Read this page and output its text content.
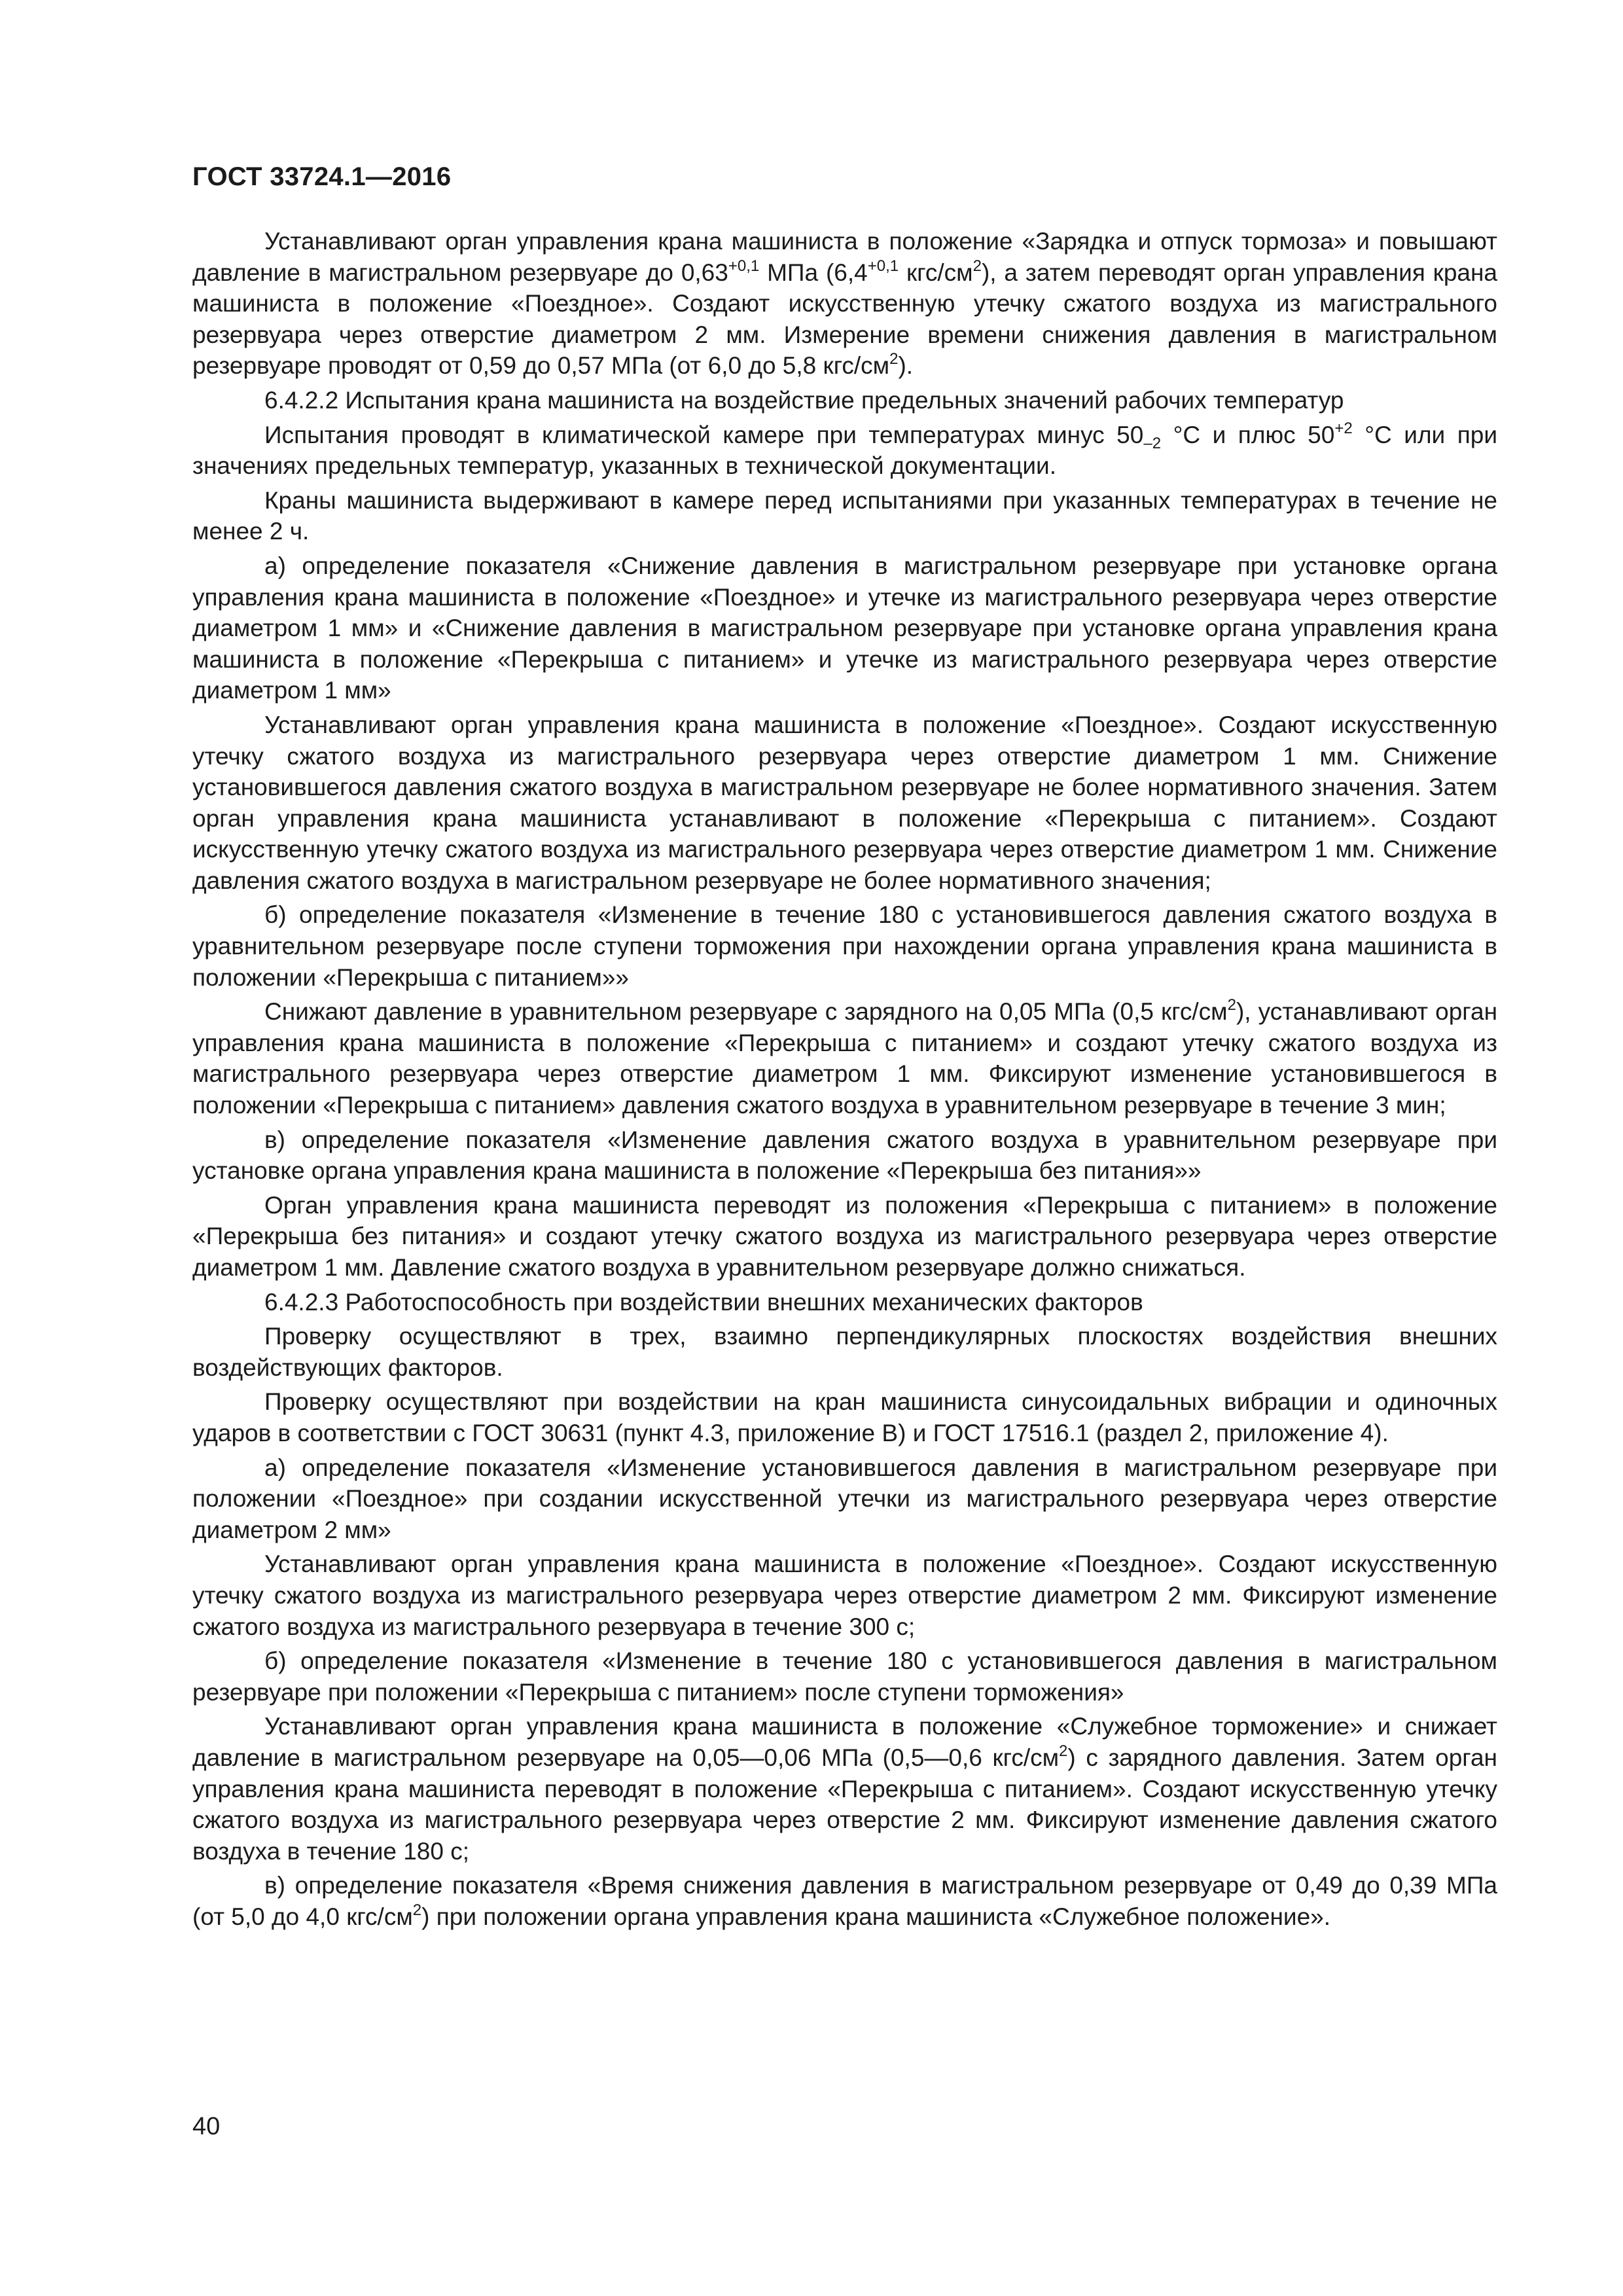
ГОСТ 33724.1—2016

Устанавливают орган управления крана машиниста в положение «Зарядка и отпуск тормоза» и повышают давление в магистральном резервуаре до $0,63^{+0,1}$ МПа ($6,4^{+0,1}$ кгс/$см^2$), а затем переводят орган управления крана машиниста в положение «Поездное». Создают искусственную утечку сжатого воздуха из магистрального резервуара через отверстие диаметром 2 мм. Измерение времени снижения давления в магистральном резервуаре проводят от 0,59 до 0,57 МПа (от 6,0 до 5,8 кгс/$см^2$).

6.4.2.2 Испытания крана машиниста на воздействие предельных значений рабочих температур

Испытания проводят в климатической камере при температурах минус $50_{-2}$ °С и плюс $50^{+2}$ °С или при значениях предельных температур, указанных в технической документации.

Краны машиниста выдерживают в камере перед испытаниями при указанных температурах в течение не менее 2 ч.

а) определение показателя «Снижение давления в магистральном резервуаре при установке органа управления крана машиниста в положение «Поездное» и утечке из магистрального резервуара через отверстие диаметром 1 мм» и «Снижение давления в магистральном резервуаре при установке органа управления крана машиниста в положение «Перекрыша с питанием» и утечке из магистрального резервуара через отверстие диаметром 1 мм»

Устанавливают орган управления крана машиниста в положение «Поездное». Создают искусственную утечку сжатого воздуха из магистрального резервуара через отверстие диаметром 1 мм. Снижение установившегося давления сжатого воздуха в магистральном резервуаре не более нормативного значения. Затем орган управления крана машиниста устанавливают в положение «Перекрыша с питанием». Создают искусственную утечку сжатого воздуха из магистрального резервуара через отверстие диаметром 1 мм. Снижение давления сжатого воздуха в магистральном резервуаре не более нормативного значения;

б) определение показателя «Изменение в течение 180 с установившегося давления сжатого воздуха в уравнительном резервуаре после ступени торможения при нахождении органа управления крана машиниста в положении «Перекрыша с питанием»»

Снижают давление в уравнительном резервуаре с зарядного на 0,05 МПа (0,5 кгс/$см^2$), устанавливают орган управления крана машиниста в положение «Перекрыша с питанием» и создают утечку сжатого воздуха из магистрального резервуара через отверстие диаметром 1 мм. Фиксируют изменение установившегося в положении «Перекрыша с питанием» давления сжатого воздуха в уравнительном резервуаре в течение 3 мин;

в) определение показателя «Изменение давления сжатого воздуха в уравнительном резервуаре при установке органа управления крана машиниста в положение «Перекрыша без питания»»

Орган управления крана машиниста переводят из положения «Перекрыша с питанием» в положение «Перекрыша без питания» и создают утечку сжатого воздуха из магистрального резервуара через отверстие диаметром 1 мм. Давление сжатого воздуха в уравнительном резервуаре должно снижаться.

6.4.2.3 Работоспособность при воздействии внешних механических факторов

Проверку осуществляют в трех, взаимно перпендикулярных плоскостях воздействия внешних воздействующих факторов.

Проверку осуществляют при воздействии на кран машиниста синусоидальных вибрации и одиночных ударов в соответствии с ГОСТ 30631 (пункт 4.3, приложение В) и ГОСТ 17516.1 (раздел 2, приложение 4).

а) определение показателя «Изменение установившегося давления в магистральном резервуаре при положении «Поездное» при создании искусственной утечки из магистрального резервуара через отверстие диаметром 2 мм»

Устанавливают орган управления крана машиниста в положение «Поездное». Создают искусственную утечку сжатого воздуха из магистрального резервуара через отверстие диаметром 2 мм. Фиксируют изменение сжатого воздуха из магистрального резервуара в течение 300 с;

б) определение показателя «Изменение в течение 180 с установившегося давления в магистральном резервуаре при положении «Перекрыша с питанием» после ступени торможения»

Устанавливают орган управления крана машиниста в положение «Служебное торможение» и снижает давление в магистральном резервуаре на 0,05—0,06 МПа (0,5—0,6 кгс/$см^2$) с зарядного давления. Затем орган управления крана машиниста переводят в положение «Перекрыша с питанием». Создают искусственную утечку сжатого воздуха из магистрального резервуара через отверстие 2 мм. Фиксируют изменение давления сжатого воздуха в течение 180 с;

в) определение показателя «Время снижения давления в магистральном резервуаре от 0,49 до 0,39 МПа (от 5,0 до 4,0 кгс/$см^2$) при положении органа управления крана машиниста «Служебное положение».

40
